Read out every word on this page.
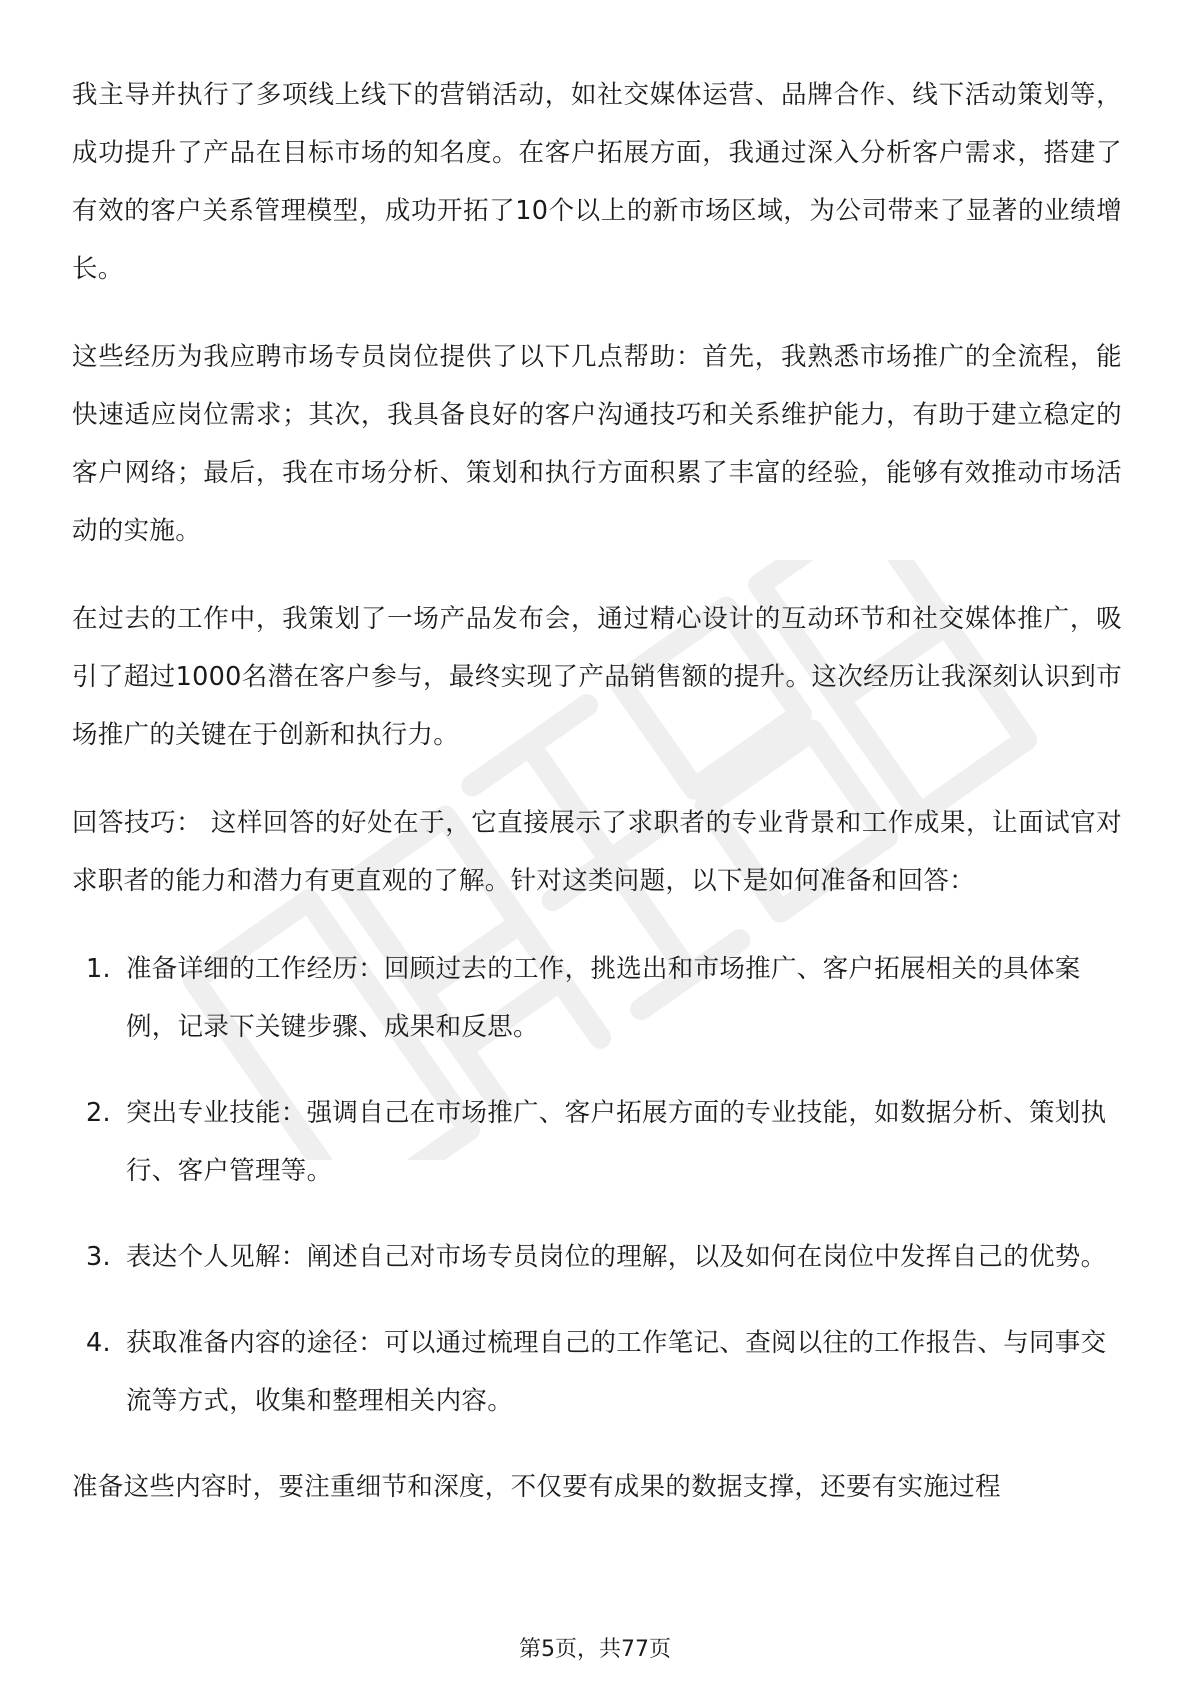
我主导并执行了多项线上线下的营销活动，如社交媒体运营、品牌合作、线下活动策划等，成功提升了产品在目标市场的知名度。在客户拓展方面，我通过深入分析客户需求，搭建了有效的客户关系管理模型，成功开拓了10个以上的新市场区域，为公司带来了显著的业绩增长。

这些经历为我应聘市场专员岗位提供了以下几点帮助：首先，我熟悉市场推广的全流程，能快速适应岗位需求；其次，我具备良好的客户沟通技巧和关系维护能力，有助于建立稳定的客户网络；最后，我在市场分析、策划和执行方面积累了丰富的经验，能够有效推动市场活动的实施。

在过去的工作中，我策划了一场产品发布会，通过精心设计的互动环节和社交媒体推广，吸引了超过1000名潜在客户参与，最终实现了产品销售额的提升。这次经历让我深刻认识到市场推广的关键在于创新和执行力。

回答技巧： 这样回答的好处在于，它直接展示了求职者的专业背景和工作成果，让面试官对求职者的能力和潜力有更直观的了解。针对这类问题，以下是如何准备和回答：

1. 准备详细的工作经历：回顾过去的工作，挑选出和市场推广、客户拓展相关的具体案例，记录下关键步骤、成果和反思。
2. 突出专业技能：强调自己在市场推广、客户拓展方面的专业技能，如数据分析、策划执行、客户管理等。
3. 表达个人见解：阐述自己对市场专员岗位的理解，以及如何在岗位中发挥自己的优势。
4. 获取准备内容的途径：可以通过梳理自己的工作笔记、查阅以往的工作报告、与同事交流等方式，收集和整理相关内容。

准备这些内容时，要注重细节和深度，不仅要有成果的数据支撑，还要有实施过程

第5页，共77页
